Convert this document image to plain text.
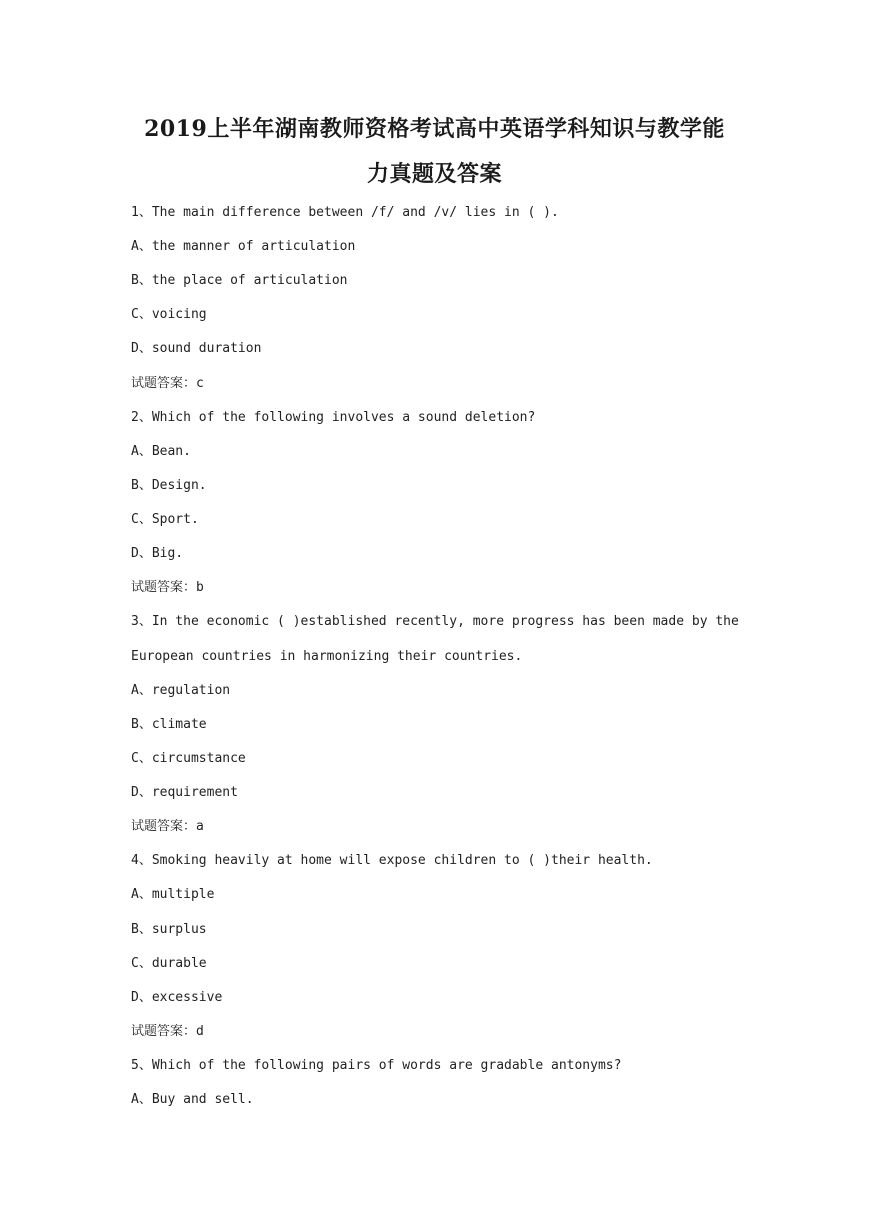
2019上半年湖南教师资格考试高中英语学科知识与教学能
力真题及答案
1、The main difference between /f/ and /v/ lies in ( ).
A、the manner of articulation
B、the place of articulation
C、voicing
D、sound duration
试题答案：c
2、Which of the following involves a sound deletion?
A、Bean.
B、Design.
C、Sport.
D、Big.
试题答案：b
3、In the economic ( )established recently, more progress has been made by the
European countries in harmonizing their countries.
A、regulation
B、climate
C、circumstance
D、requirement
试题答案：a
4、Smoking heavily at home will expose children to ( )their health.
A、multiple
B、surplus
C、durable
D、excessive
试题答案：d
5、Which of the following pairs of words are gradable antonyms?
A、Buy and sell.
